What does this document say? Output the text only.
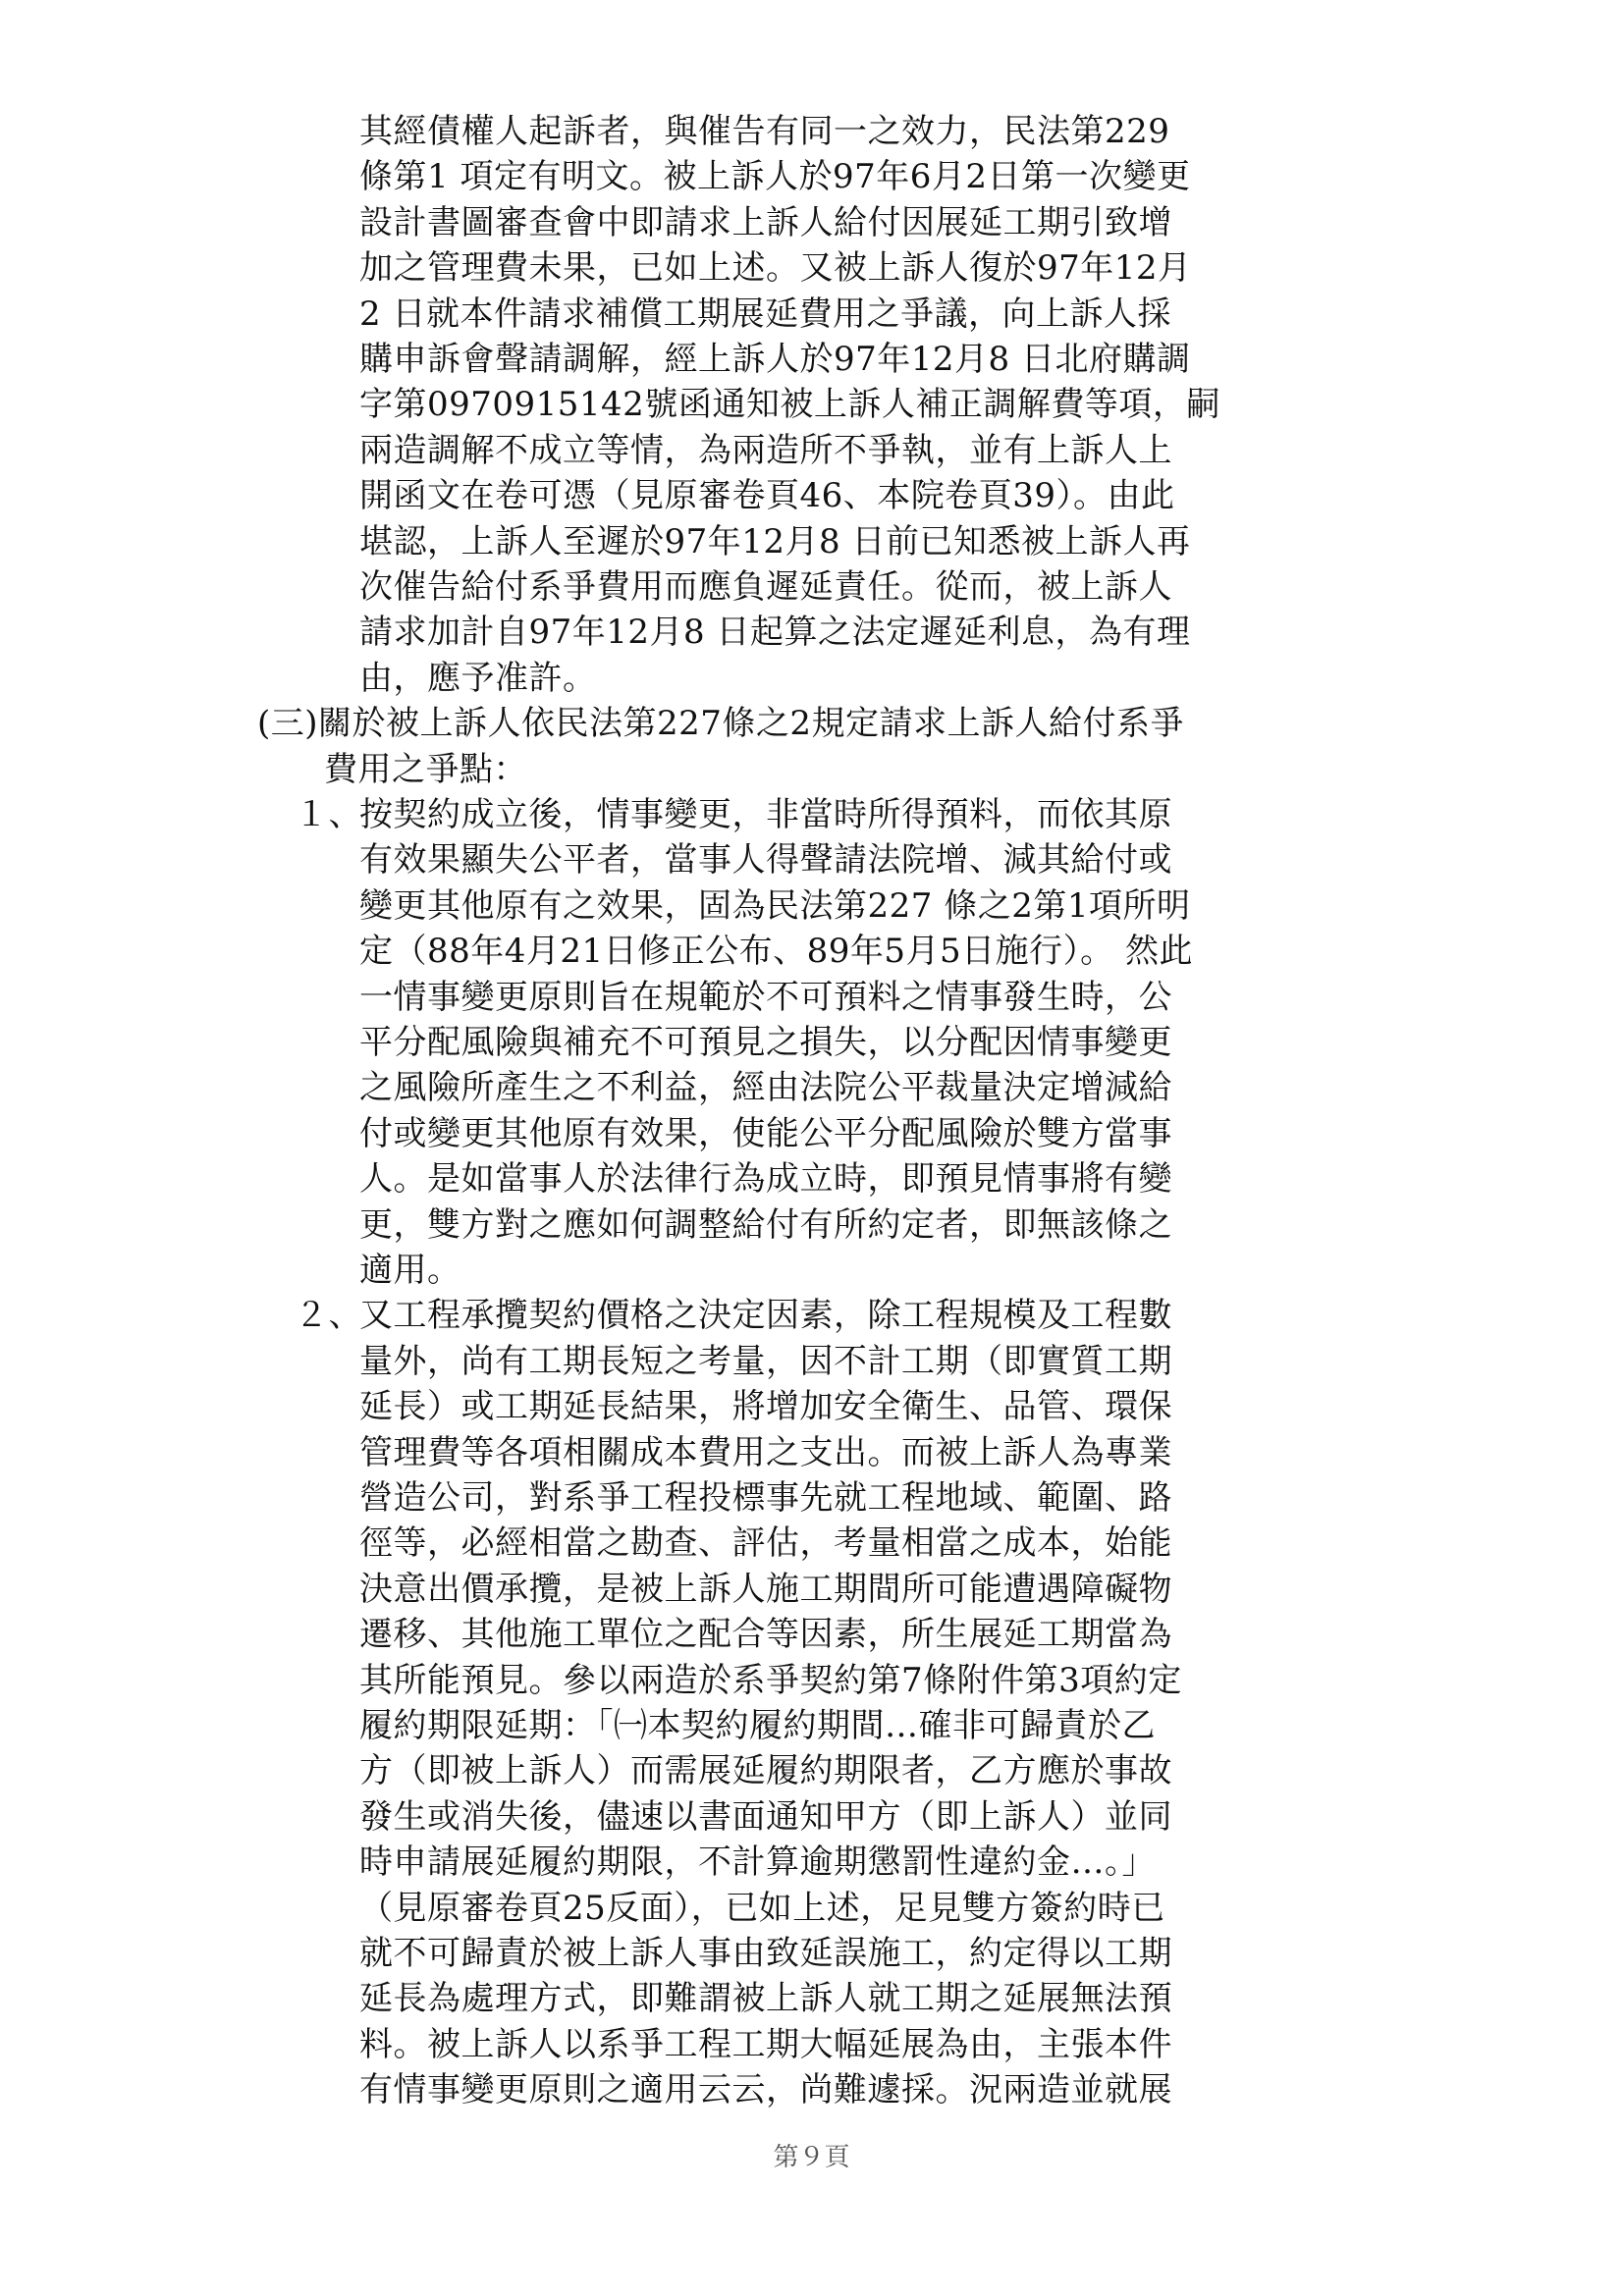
其經債權人起訴者，與催告有同一之效力，民法第229
條第1 項定有明文。被上訴人於97年6月2日第一次變更
設計書圖審查會中即請求上訴人給付因展延工期引致增
加之管理費未果，已如上述。又被上訴人復於97年12月
2 日就本件請求補償工期展延費用之爭議，向上訴人採
購申訴會聲請調解，經上訴人於97年12月8 日北府購調
字第0970915142號函通知被上訴人補正調解費等項，嗣
兩造調解不成立等情，為兩造所不爭執，並有上訴人上
開函文在卷可憑（見原審卷頁46、本院卷頁39）。由此
堪認，上訴人至遲於97年12月8 日前已知悉被上訴人再
次催告給付系爭費用而應負遲延責任。從而，被上訴人
請求加計自97年12月8 日起算之法定遲延利息，為有理
由，應予准許。
(三)關於被上訴人依民法第227條之2規定請求上訴人給付系爭
費用之爭點：
１、
按契約成立後，情事變更，非當時所得預料，而依其原
有效果顯失公平者，當事人得聲請法院增、減其給付或
變更其他原有之效果，固為民法第227 條之2第1項所明
定（88年4月21日修正公布、89年5月5日施行）。 然此
一情事變更原則旨在規範於不可預料之情事發生時，公
平分配風險與補充不可預見之損失，以分配因情事變更
之風險所產生之不利益，經由法院公平裁量決定增減給
付或變更其他原有效果，使能公平分配風險於雙方當事
人。是如當事人於法律行為成立時，即預見情事將有變
更，雙方對之應如何調整給付有所約定者，即無該條之
適用。
２、
又工程承攬契約價格之決定因素，除工程規模及工程數
量外，尚有工期長短之考量，因不計工期（即實質工期
延長）或工期延長結果，將增加安全衛生、品管、環保
管理費等各項相關成本費用之支出。而被上訴人為專業
營造公司，對系爭工程投標事先就工程地域、範圍、路
徑等，必經相當之勘查、評估，考量相當之成本，始能
決意出價承攬，是被上訴人施工期間所可能遭遇障礙物
遷移、其他施工單位之配合等因素，所生展延工期當為
其所能預見。參以兩造於系爭契約第7條附件第3項約定
履約期限延期：「㈠本契約履約期間…確非可歸責於乙
方（即被上訴人）而需展延履約期限者，乙方應於事故
發生或消失後，儘速以書面通知甲方（即上訴人）並同
時申請展延履約期限，不計算逾期懲罰性違約金…。」
（見原審卷頁25反面），已如上述，足見雙方簽約時已
就不可歸責於被上訴人事由致延誤施工，約定得以工期
延長為處理方式，即難謂被上訴人就工期之延展無法預
料。被上訴人以系爭工程工期大幅延展為由，主張本件
有情事變更原則之適用云云，尚難遽採。況兩造並就展
第９頁
